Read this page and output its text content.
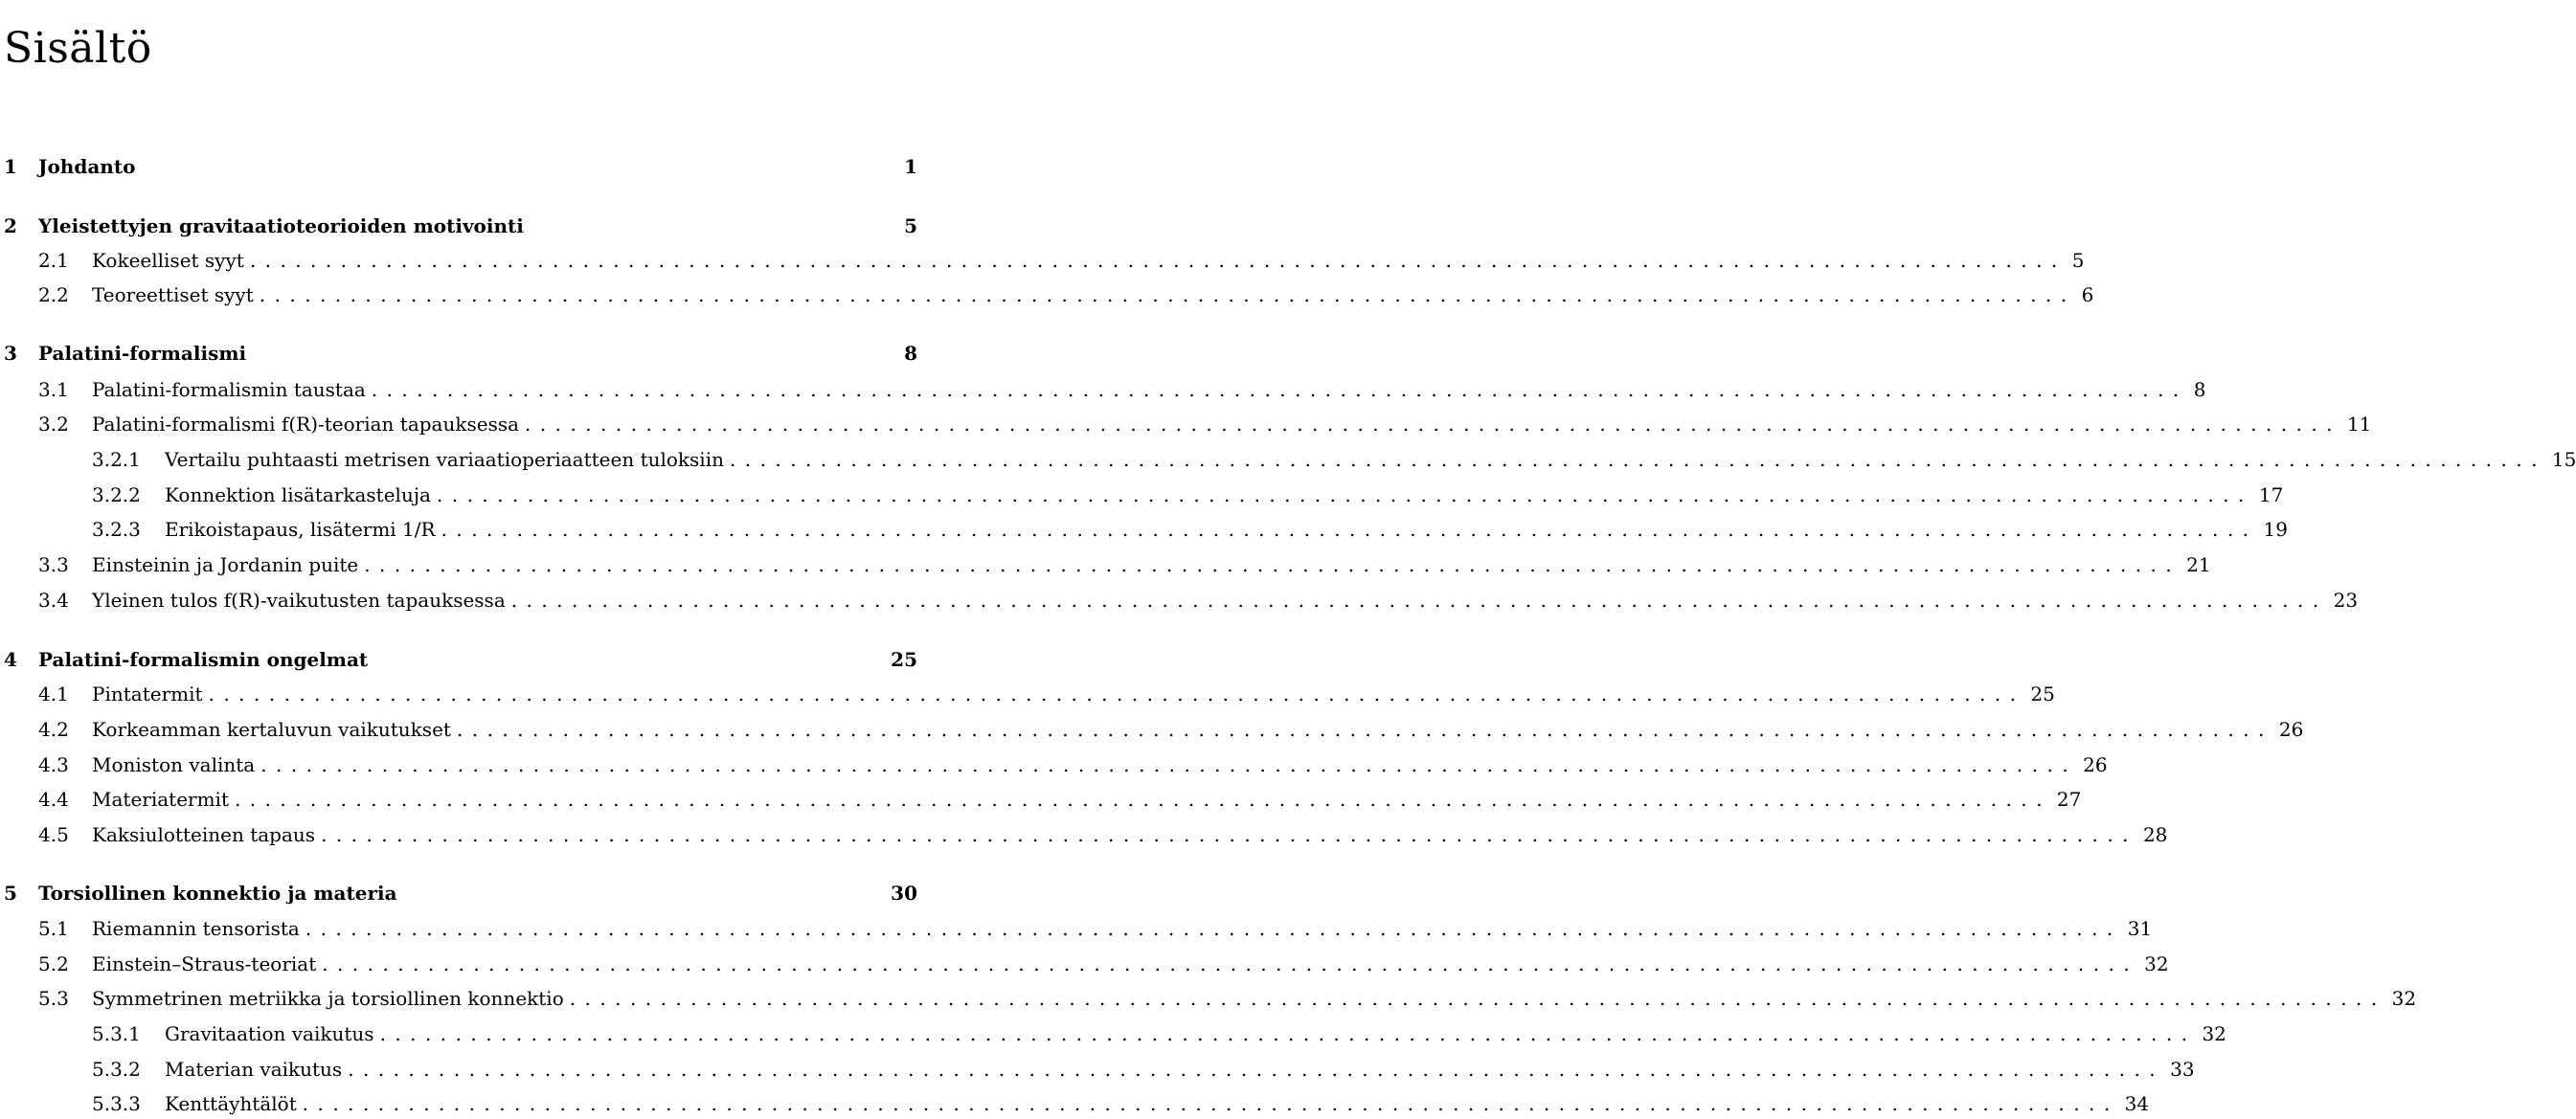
Sisältö
1	Johdanto	1
2	Yleistettyjen gravitaatioteorioiden motivointi	5
2.1	Kokeelliset syyt ........................................................................................................................ 5
2.2	Teoreettiset syyt ........................................................................................................................ 6
3	Palatini-formalismi	8
3.1	Palatini-formalismin taustaa ........................................................................................................................ 8
3.2	Palatini-formalismi f(R)-teorian tapauksessa ........................................................................................................................ 11
3.2.1	Vertailu puhtaasti metrisen variaatioperiaatteen tuloksiin ........................................................................................................................ 15
3.2.2	Konnektion lisätarkasteluja ........................................................................................................................ 17
3.2.3	Erikoistapaus, lisätermi 1/R ........................................................................................................................ 19
3.3	Einsteinin ja Jordanin puite ........................................................................................................................ 21
3.4	Yleinen tulos f(R)-vaikutusten tapauksessa ........................................................................................................................ 23
4	Palatini-formalismin ongelmat	25
4.1	Pintatermit ........................................................................................................................ 25
4.2	Korkeamman kertaluvun vaikutukset ........................................................................................................................ 26
4.3	Moniston valinta ........................................................................................................................ 26
4.4	Materiatermit ........................................................................................................................ 27
4.5	Kaksiulotteinen tapaus ........................................................................................................................ 28
5	Torsiollinen konnektio ja materia	30
5.1	Riemannin tensorista ........................................................................................................................ 31
5.2	Einstein–Straus-teoriat ........................................................................................................................ 32
5.3	Symmetrinen metriikka ja torsiollinen konnektio ........................................................................................................................ 32
5.3.1	Gravitaation vaikutus ........................................................................................................................ 32
5.3.2	Materian vaikutus ........................................................................................................................ 33
5.3.3	Kenttäyhtälöt ........................................................................................................................ 34
